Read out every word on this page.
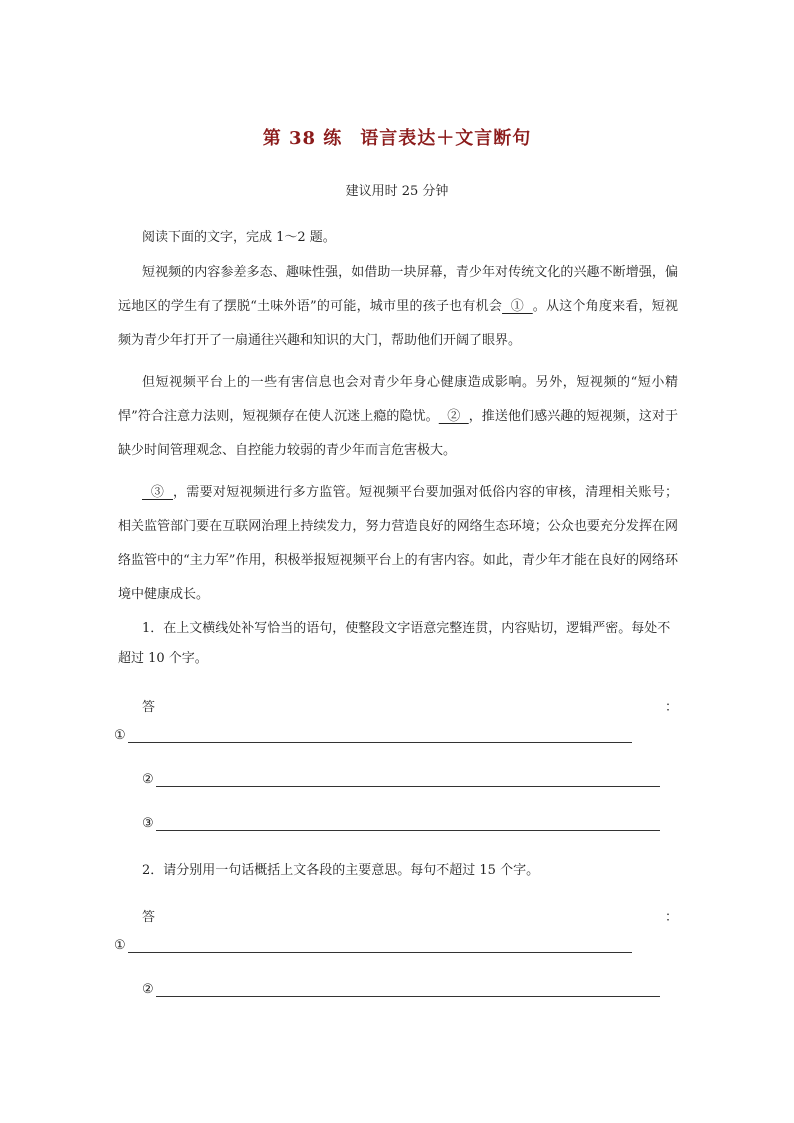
第 38 练 语言表达＋文言断句
建议用时 25 分钟
阅读下面的文字，完成 1～2 题。
短视频的内容参差多态、趣味性强，如借助一块屏幕，青少年对传统文化的兴趣不断增强，偏远地区的学生有了摆脱“土味外语”的可能，城市里的孩子也有机会  ①  。从这个角度来看，短视频为青少年打开了一扇通往兴趣和知识的大门，帮助他们开阔了眼界。
但短视频平台上的一些有害信息也会对青少年身心健康造成影响。另外，短视频的“短小精悍”符合注意力法则，短视频存在使人沉迷上瘾的隐忧。  ②  ，推送他们感兴趣的短视频，这对于缺少时间管理观念、自控能力较弱的青少年而言危害极大。
③  ，需要对短视频进行多方监管。短视频平台要加强对低俗内容的审核，清理相关账号；相关监管部门要在互联网治理上持续发力，努力营造良好的网络生态环境；公众也要充分发挥在网络监管中的“主力军”作用，积极举报短视频平台上的有害内容。如此，青少年才能在良好的网络环境中健康成长。
1．在上文横线处补写恰当的语句，使整段文字语意完整连贯，内容贴切，逻辑严密。每处不超过 10 个字。
答	：
①
②
③
2．请分别用一句话概括上文各段的主要意思。每句不超过 15 个字。
答	：
①
②
